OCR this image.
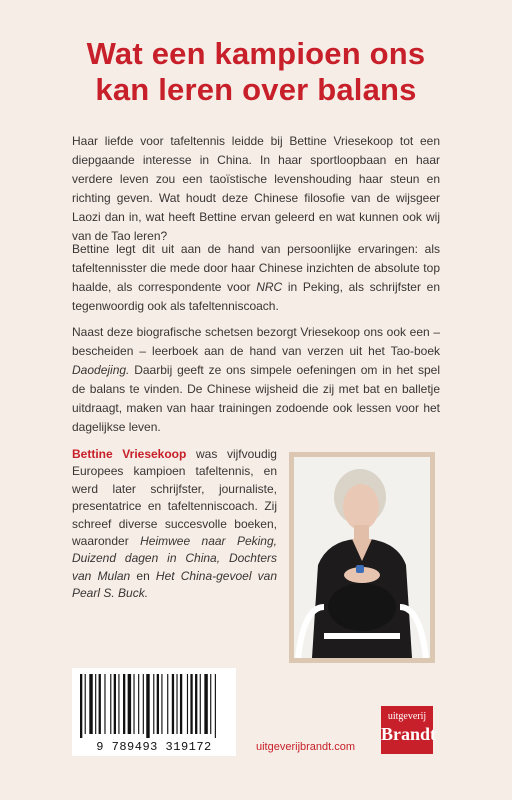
Wat een kampioen ons
kan leren over balans

Haar liefde voor tafeltennis leidde bij Bettine Vriesekoop tot een diepgaande interesse in China. In haar sportloopbaan en haar verdere leven zou een taoïstische levenshouding haar steun en richting geven. Wat houdt deze Chinese filosofie van de wijsgeer Laozi dan in, wat heeft Bettine ervan geleerd en wat kunnen ook wij van de Tao leren?

Bettine legt dit uit aan de hand van persoonlijke ervaringen: als tafeltennisster die mede door haar Chinese inzichten de absolute top haalde, als correspondente voor NRC in Peking, als schrijfster en tegenwoordig ook als tafeltenniscoach.

Naast deze biografische schetsen bezorgt Vriesekoop ons ook een – bescheiden – leerboek aan de hand van verzen uit het Tao-boek Daodejing. Daarbij geeft ze ons simpele oefeningen om in het spel de balans te vinden. De Chinese wijsheid die zij met bat en balletje uitdraagt, maken van haar trainingen zodoende ook lessen voor het dagelijkse leven.

Bettine Vriesekoop was vijfvoudig Europees kampioen tafeltennis, en werd later schrijfster, journaliste, presentatrice en tafeltenniscoach. Zij schreef diverse succesvolle boeken, waaronder Heimwee naar Peking, Duizend dagen in China, Dochters van Mulan en Het China-gevoel van Pearl S. Buck.

9 789493 319172	uitgeverijbrandt.com
uitgeverij
Brandt
